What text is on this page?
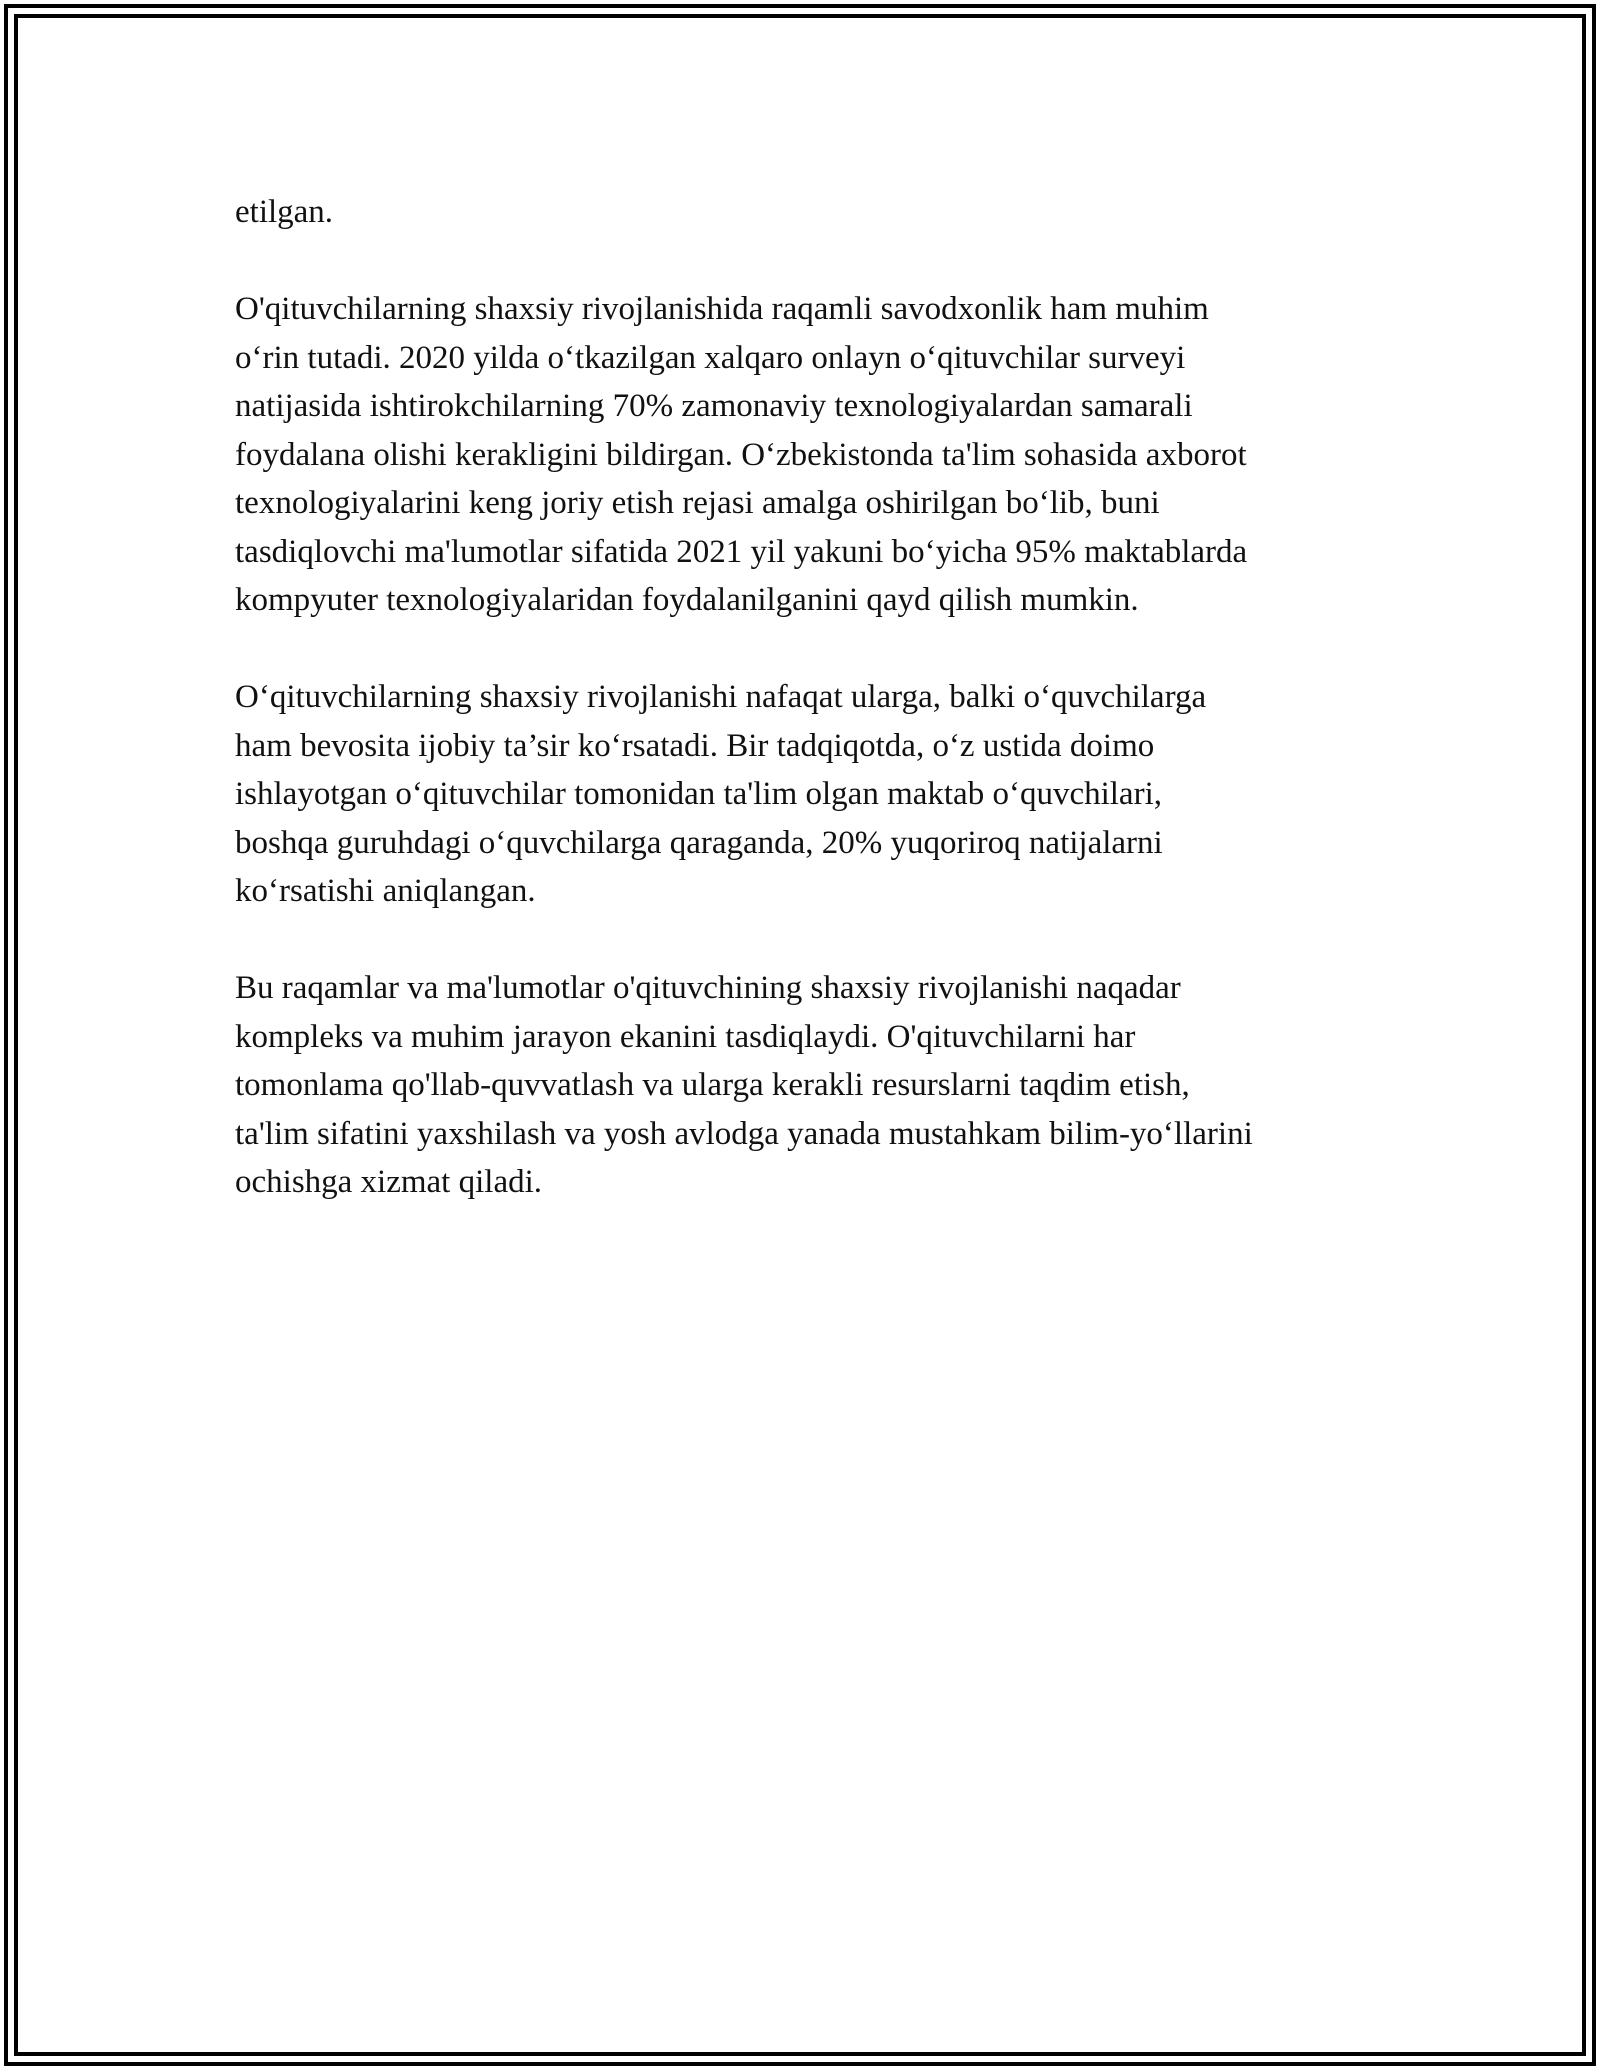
etilgan.

O'qituvchilarning shaxsiy rivojlanishida raqamli savodxonlik ham muhim
o‘rin tutadi. 2020 yilda o‘tkazilgan xalqaro onlayn o‘qituvchilar surveyi
natijasida ishtirokchilarning 70% zamonaviy texnologiyalardan samarali
foydalana olishi kerakligini bildirgan. O‘zbekistonda ta'lim sohasida axborot
texnologiyalarini keng joriy etish rejasi amalga oshirilgan bo‘lib, buni
tasdiqlovchi ma'lumotlar sifatida 2021 yil yakuni bo‘yicha 95% maktablarda
kompyuter texnologiyalaridan foydalanilganini qayd qilish mumkin.

O‘qituvchilarning shaxsiy rivojlanishi nafaqat ularga, balki o‘quvchilarga
ham bevosita ijobiy ta’sir ko‘rsatadi. Bir tadqiqotda, o‘z ustida doimo
ishlayotgan o‘qituvchilar tomonidan ta'lim olgan maktab o‘quvchilari,
boshqa guruhdagi o‘quvchilarga qaraganda, 20% yuqoriroq natijalarni
ko‘rsatishi aniqlangan.

Bu raqamlar va ma'lumotlar o'qituvchining shaxsiy rivojlanishi naqadar
kompleks va muhim jarayon ekanini tasdiqlaydi. O'qituvchilarni har
tomonlama qo'llab-quvvatlash va ularga kerakli resurslarni taqdim etish,
ta'lim sifatini yaxshilash va yosh avlodga yanada mustahkam bilim-yo‘llarini
ochishga xizmat qiladi.
